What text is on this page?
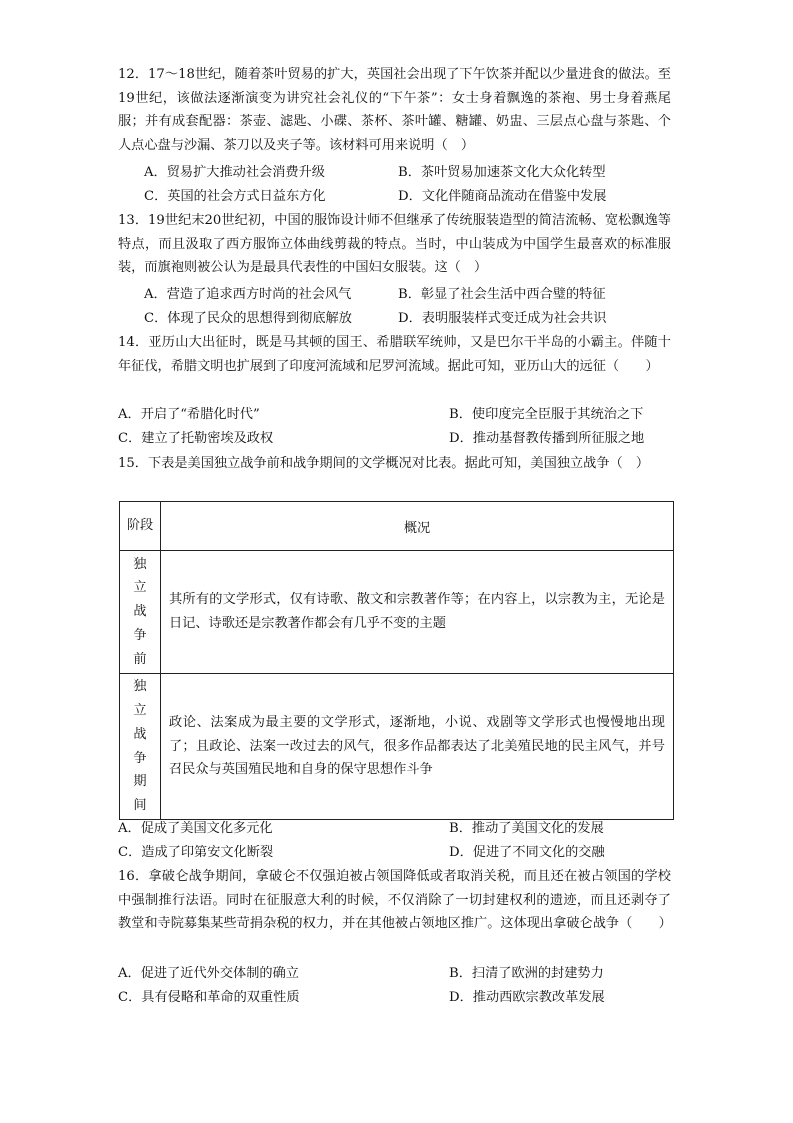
12．17～18世纪，随着茶叶贸易的扩大，英国社会出现了下午饮茶并配以少量进食的做法。至19世纪，该做法逐渐演变为讲究社会礼仪的“下午茶”：女士身着飘逸的茶袍、男士身着燕尾服；并有成套配器：茶壶、滤匙、小碟、茶杯、茶叶罐、糖罐、奶盅、三层点心盘与茶匙、个人点心盘与沙漏、茶刀以及夹子等。该材料可用来说明（　）
A．贸易扩大推动社会消费升级	B．茶叶贸易加速茶文化大众化转型
C．英国的社会方式日益东方化	D．文化伴随商品流动在借鉴中发展
13．19世纪末20世纪初，中国的服饰设计师不但继承了传统服装造型的简洁流畅、宽松飘逸等特点，而且汲取了西方服饰立体曲线剪裁的特点。当时，中山装成为中国学生最喜欢的标准服装，而旗袍则被公认为是最具代表性的中国妇女服装。这（　）
A．营造了追求西方时尚的社会风气	B．彰显了社会生活中西合璧的特征
C．体现了民众的思想得到彻底解放	D．表明服装样式变迁成为社会共识
14．亚历山大出征时，既是马其顿的国王、希腊联军统帅，又是巴尔干半岛的小霸主。伴随十年征伐，希腊文明也扩展到了印度河流域和尼罗河流域。据此可知，亚历山大的远征（　　）
A．开启了“希腊化时代”	B．使印度完全臣服于其统治之下
C．建立了托勒密埃及政权	D．推动基督教传播到所征服之地
15．下表是美国独立战争前和战争期间的文学概况对比表。据此可知，美国独立战争（　）
阶段	概况

独立战争前	其所有的文学形式，仅有诗歌、散文和宗教著作等；在内容上，以宗教为主，无论是日记、诗歌还是宗教著作都会有几乎不变的主题

独立战争期间	政论、法案成为最主要的文学形式，逐渐地，小说、戏剧等文学形式也慢慢地出现了；且政论、法案一改过去的风气，很多作品都表达了北美殖民地的民主风气，并号召民众与英国殖民地和自身的保守思想作斗争
A．促成了美国文化多元化	B．推动了美国文化的发展
C．造成了印第安文化断裂	D．促进了不同文化的交融
16．拿破仑战争期间，拿破仑不仅强迫被占领国降低或者取消关税，而且还在被占领国的学校中强制推行法语。同时在征服意大利的时候，不仅消除了一切封建权利的遗迹，而且还剥夺了教堂和寺院募集某些苛捐杂税的权力，并在其他被占领地区推广。这体现出拿破仑战争（　　）
A．促进了近代外交体制的确立	B．扫清了欧洲的封建势力
C．具有侵略和革命的双重性质	D．推动西欧宗教改革发展
